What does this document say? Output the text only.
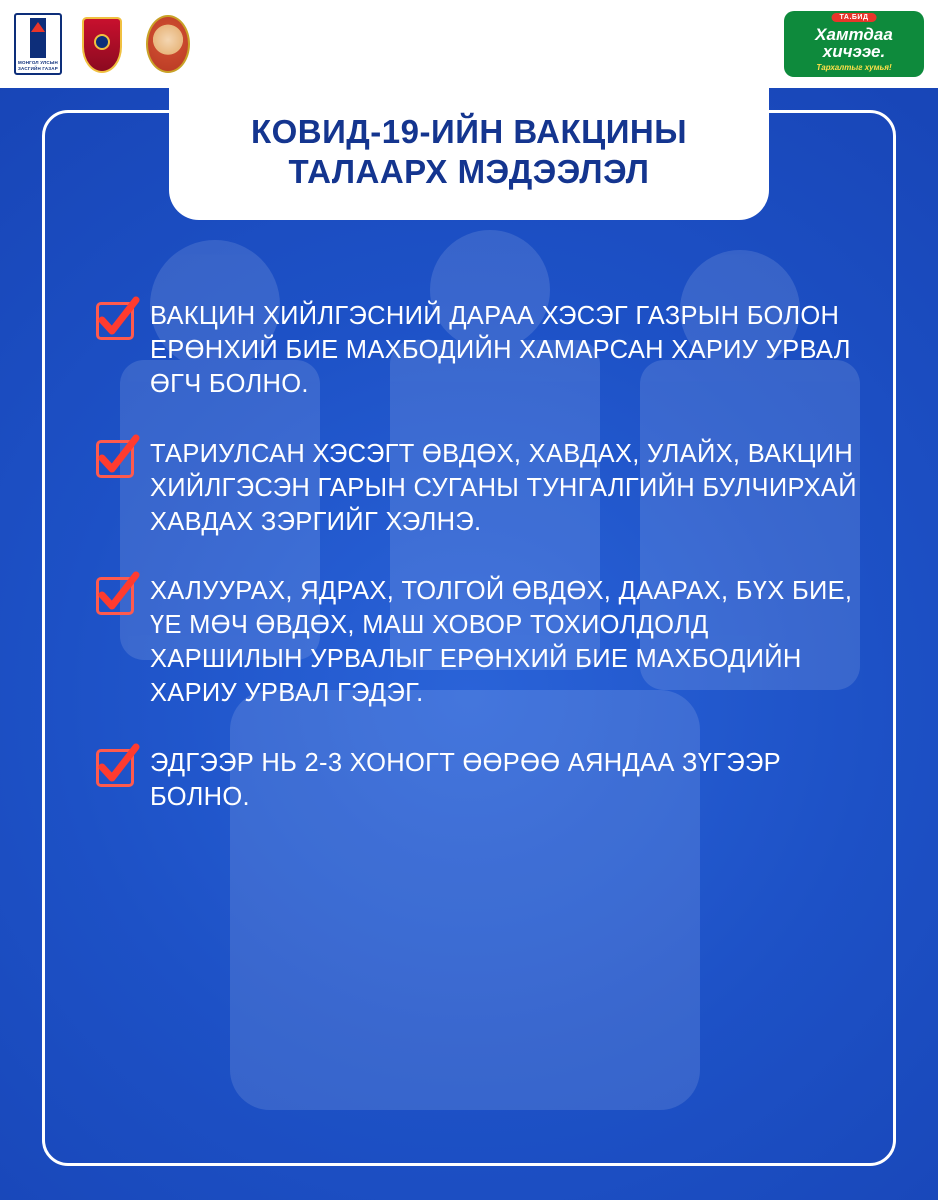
МОНГОЛ УЛСЫН ЗАСГИЙН ГАЗАР
ТА.БИД
Хамтдаа
хичээе.
Тархалтыг хумья!
КОВИД-19-ИЙН ВАКЦИНЫ ТАЛААРХ МЭДЭЭЛЭЛ

ВАКЦИН ХИЙЛГЭСНИЙ ДАРАА ХЭСЭГ ГАЗРЫН БОЛОН ЕРӨНХИЙ БИЕ МАХБОДИЙН ХАМАРСАН ХАРИУ УРВАЛ ӨГЧ БОЛНО.

ТАРИУЛСАН ХЭСЭГТ ӨВДӨХ, ХАВДАХ, УЛАЙХ, ВАКЦИН ХИЙЛГЭСЭН ГАРЫН СУГАНЫ ТУНГАЛГИЙН БУЛЧИРХАЙ ХАВДАХ ЗЭРГИЙГ ХЭЛНЭ.

ХАЛУУРАХ, ЯДРАХ, ТОЛГОЙ ӨВДӨХ, ДААРАХ, БҮХ БИЕ, ҮЕ МӨЧ ӨВДӨХ, МАШ ХОВОР ТОХИОЛДОЛД ХАРШИЛЫН УРВАЛЫГ ЕРӨНХИЙ БИЕ МАХБОДИЙН ХАРИУ УРВАЛ ГЭДЭГ.

ЭДГЭЭР НЬ 2-3 ХОНОГТ ӨӨРӨӨ АЯНДАА ЗҮГЭЭР БОЛНО.
